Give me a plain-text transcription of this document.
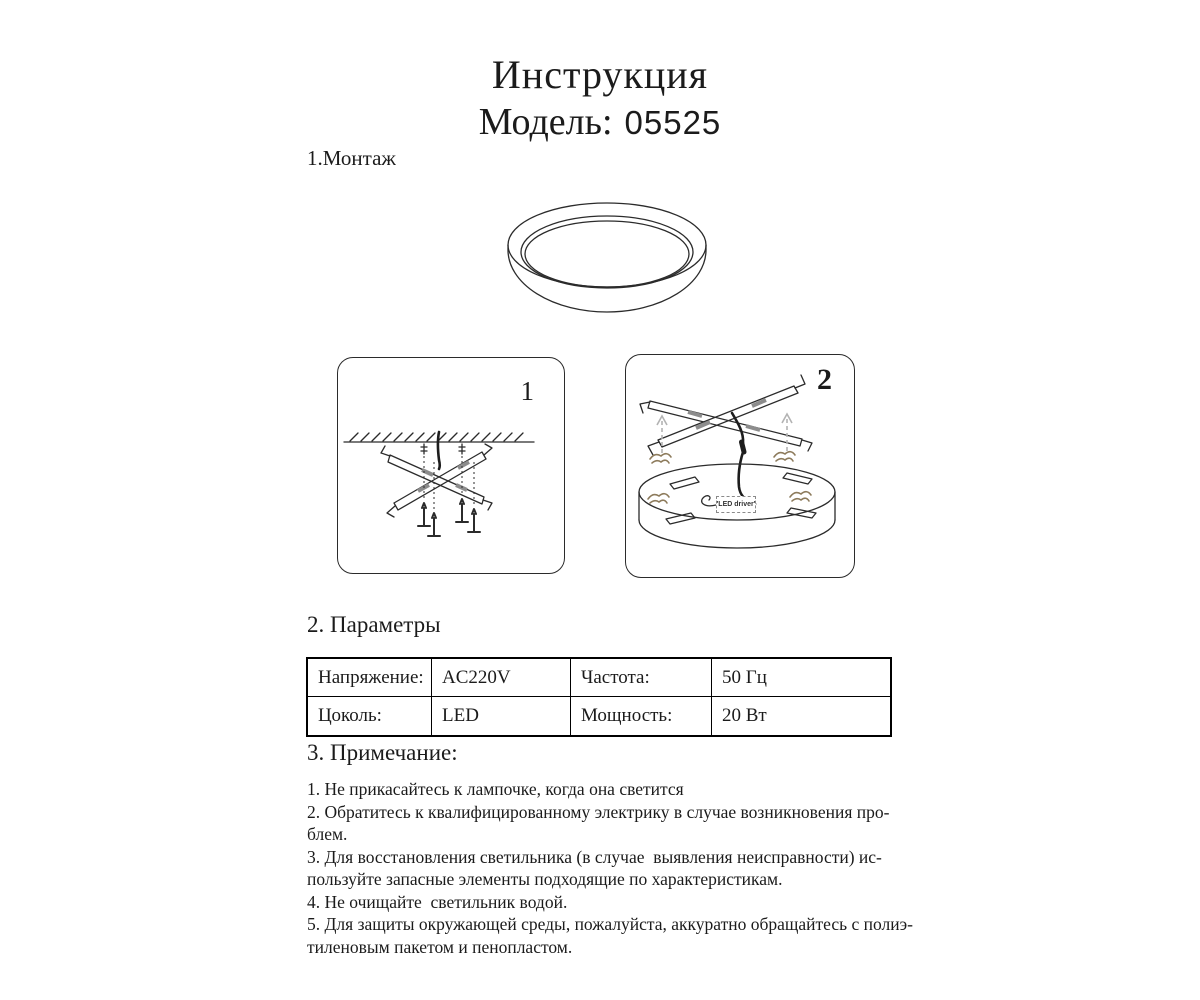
Инструкция
Модель: 05525
1.Монтаж
1
'LED driver'
2
2. Параметры
Напряжение: AC220V	Частота:	50 Гц
Цоколь:	LED	Мощность:	20 Вт
3. Примечание:
1. Не прикасайтесь к лампочке, когда она светится
2. Обратитесь к квалифицированному электрику в случае возникновения про-
блем.
3. Для восстановления светильника (в случае  выявления неисправности) ис-
пользуйте запасные элементы подходящие по характеристикам.
4. Не очищайте  светильник водой.
5. Для защиты окружающей среды, пожалуйста, аккуратно обращайтесь с полиэ-
тиленовым пакетом и пенопластом.
